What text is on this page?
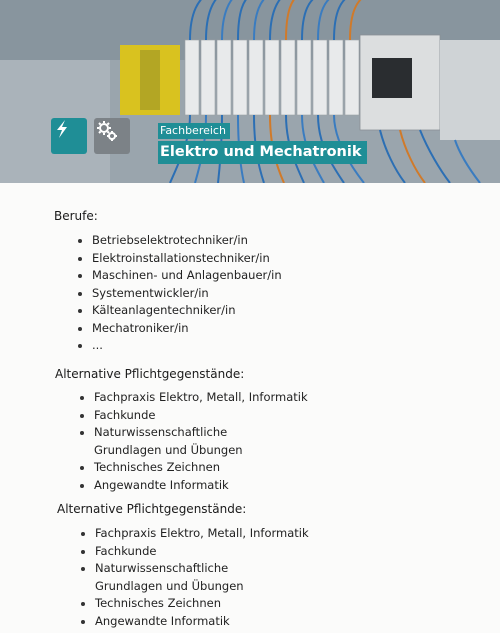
Fachbereich
Elektro und Mechatronik
Berufe:
Betriebselektrotechniker/in
Elektroinstallationstechniker/in
Maschinen- und Anlagenbauer/in
Systementwickler/in
Kälteanlagentechniker/in
Mechatroniker/in
...
Alternative Pflichtgegenstände:
Fachpraxis Elektro, Metall, Informatik
Fachkunde
Naturwissenschaftliche Grundlagen und Übungen
Technisches Zeichnen
Angewandte Informatik
Alternative Pflichtgegenstände:
Fachpraxis Elektro, Metall, Informatik
Fachkunde
Naturwissenschaftliche Grundlagen und Übungen
Technisches Zeichnen
Angewandte Informatik
